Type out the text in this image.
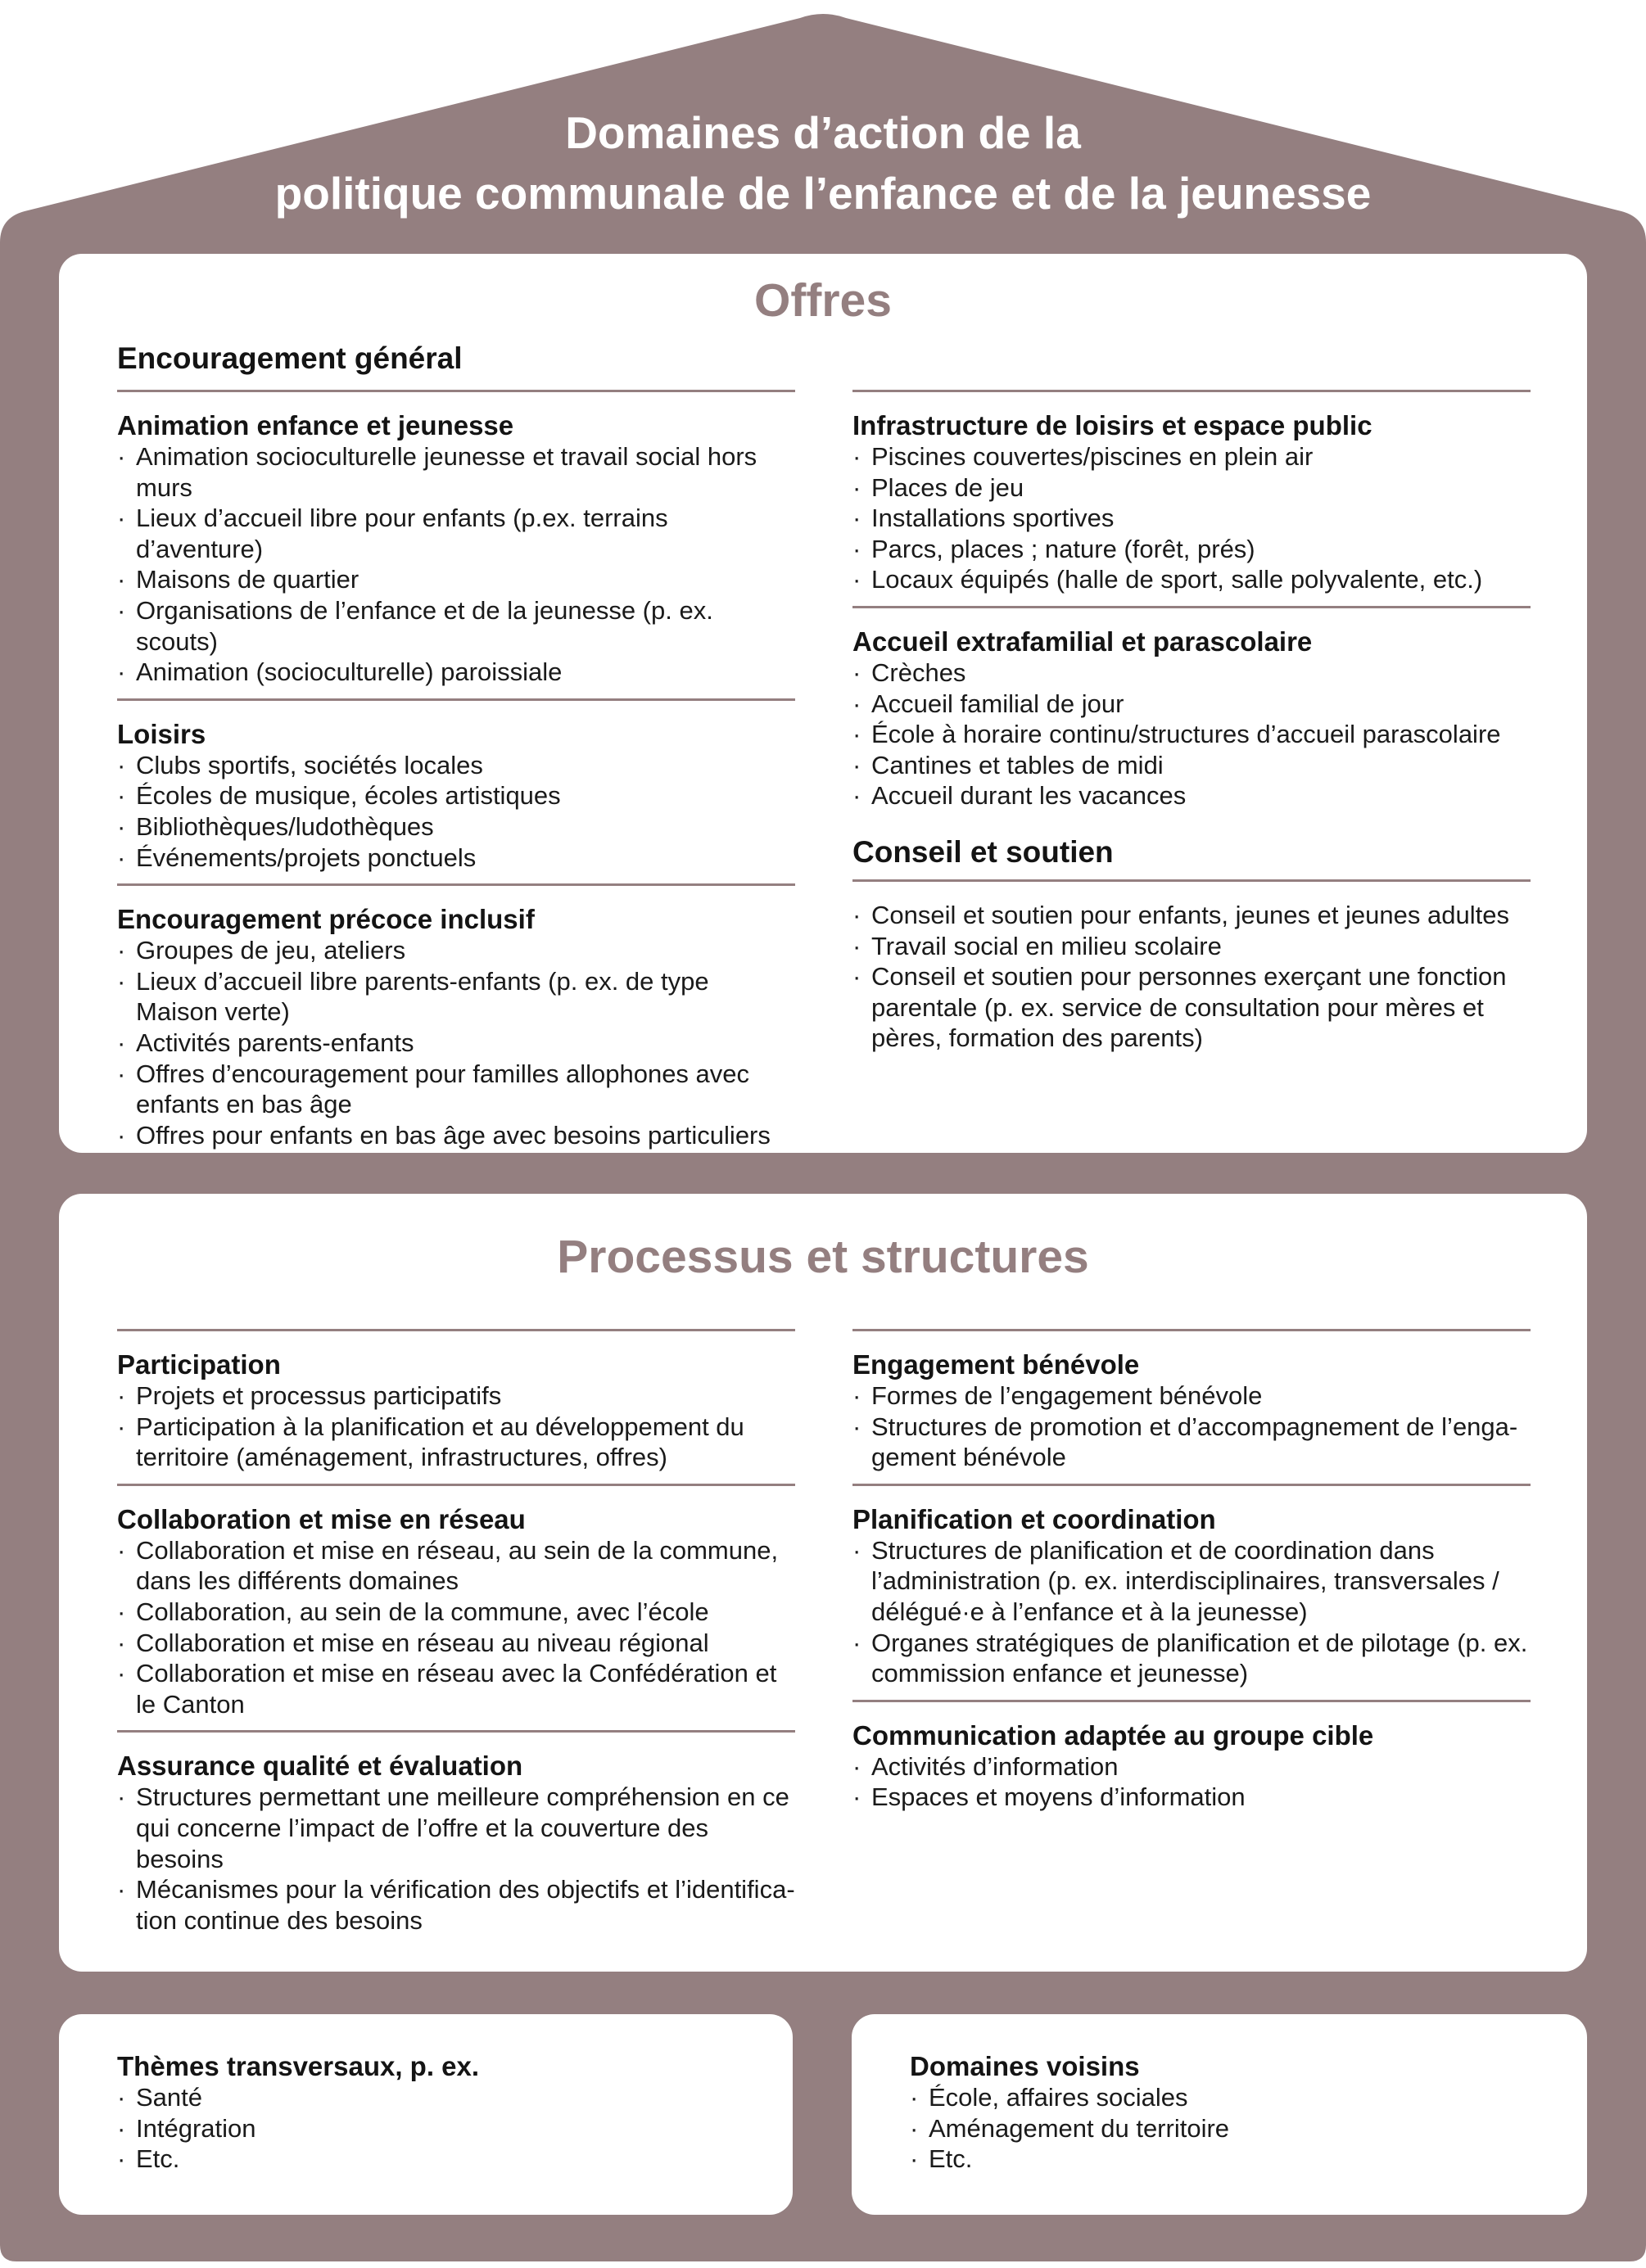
Domaines d’action de la
politique communale de l’enfance et de la jeunesse
Offres
Encouragement général
Animation enfance et jeunesse
· Animation socioculturelle jeunesse et travail social hors murs
· Lieux d’accueil libre pour enfants (p.ex. terrains d’aventure)
· Maisons de quartier
· Organisations de l’enfance et de la jeunesse (p. ex. scouts)
· Animation (socioculturelle) paroissiale
Loisirs
· Clubs sportifs, sociétés locales
· Écoles de musique, écoles artistiques
· Bibliothèques/ludothèques
· Événements/projets ponctuels
Encouragement précoce inclusif
· Groupes de jeu, ateliers
· Lieux d’accueil libre parents-enfants (p. ex. de type Maison verte)
· Activités parents-enfants
· Offres d’encouragement pour familles allophones avec enfants en bas âge
· Offres pour enfants en bas âge avec besoins particuliers
Infrastructure de loisirs et espace public
· Piscines couvertes/piscines en plein air
· Places de jeu
· Installations sportives
· Parcs, places ; nature (forêt, prés)
· Locaux équipés (halle de sport, salle polyvalente, etc.)
Accueil extrafamilial et parascolaire
· Crèches
· Accueil familial de jour
· École à horaire continu/structures d’accueil parascolaire
· Cantines et tables de midi
· Accueil durant les vacances
Conseil et soutien
· Conseil et soutien pour enfants, jeunes et jeunes adultes
· Travail social en milieu scolaire
· Conseil et soutien pour personnes exerçant une fonction parentale (p. ex. service de consultation pour mères et pères, formation des parents)
Processus et structures
Participation
· Projets et processus participatifs
· Participation à la planification et au développement du territoire (aménagement, infrastructures, offres)
Collaboration et mise en réseau
· Collaboration et mise en réseau, au sein de la commune, dans les différents domaines
· Collaboration, au sein de la commune, avec l’école
· Collaboration et mise en réseau au niveau régional
· Collaboration et mise en réseau avec la Confédération et le Canton
Assurance qualité et évaluation
· Structures permettant une meilleure compréhension en ce qui concerne l’impact de l’offre et la couverture des besoins
· Mécanismes pour la vérification des objectifs et l’identifica-tion continue des besoins
Engagement bénévole
· Formes de l’engagement bénévole
· Structures de promotion et d’accompagnement de l’enga-gement bénévole
Planification et coordination
· Structures de planification et de coordination dans l’administration (p. ex. interdisciplinaires, transversales / délégué·e à l’enfance et à la jeunesse)
· Organes stratégiques de planification et de pilotage (p. ex. commission enfance et jeunesse)
Communication adaptée au groupe cible
· Activités d’information
· Espaces et moyens d’information
Thèmes transversaux, p. ex.
· Santé
· Intégration
· Etc.
Domaines voisins
· École, affaires sociales
· Aménagement du territoire
· Etc.
